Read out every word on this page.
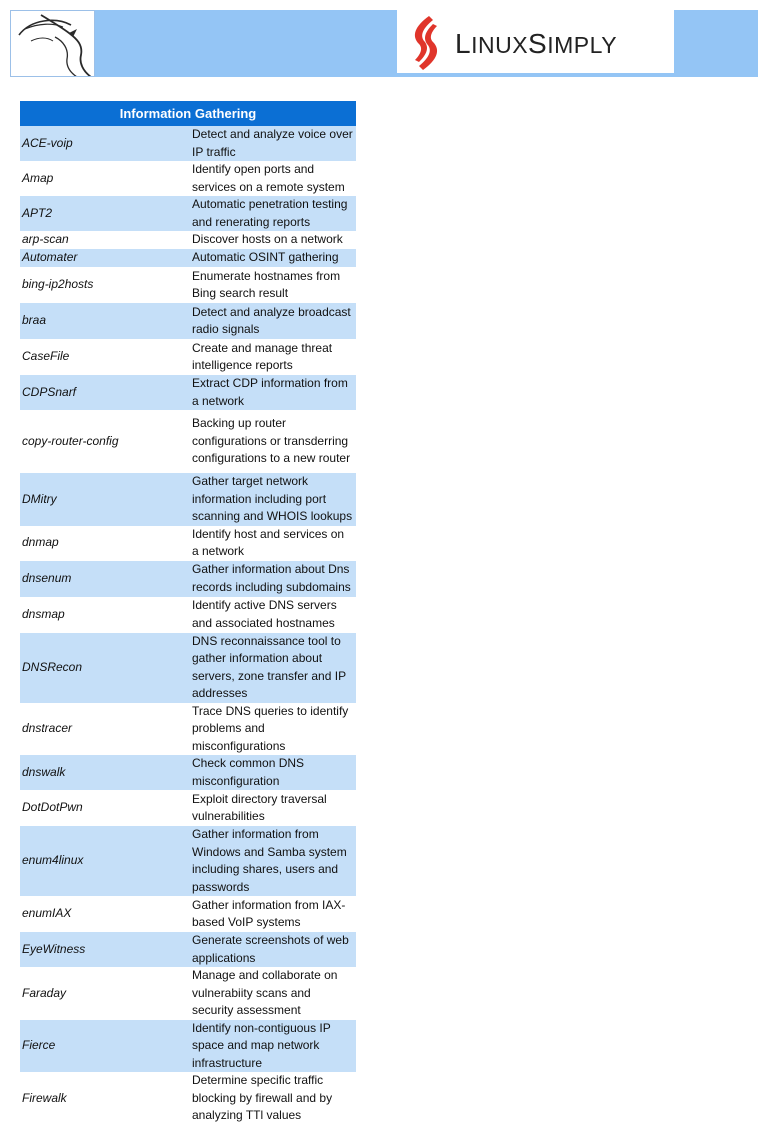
LINUXSIMPLY
Information Gathering	

ACE-voip	Detect and analyze voice over IP traffic
Amap	Identify open ports and services on a remote system
APT2	Automatic penetration testing and renerating reports
arp-scan	Discover hosts on a network
Automater	Automatic OSINT gathering
bing-ip2hosts	Enumerate hostnames from Bing search result
braa	Detect and analyze broadcast radio signals
CaseFile	Create and manage threat intelligence reports
CDPSnarf	Extract CDP information from a network
copy-router-config	Backing up router configurations or transderring configurations to a new router
DMitry	Gather target network information including port scanning and WHOIS lookups
dnmap	Identify host and services on a network
dnsenum	Gather information about Dns records including subdomains
dnsmap	Identify active DNS servers and associated hostnames
DNSRecon	DNS reconnaissance tool to gather information about servers, zone transfer and IP addresses
dnstracer	Trace DNS queries to identify problems and misconfigurations
dnswalk	Check common DNS misconfiguration
DotDotPwn	Exploit directory traversal vulnerabilities
enum4linux	Gather information from Windows and Samba system including shares, users and passwords
enumIAX	Gather information from IAX-based VoIP systems
EyeWitness	Generate screenshots of web applications
Faraday	Manage and collaborate on vulnerabiity scans and security assessment
Fierce	Identify non-contiguous IP space and map network infrastructure
Firewalk	Determine specific traffic blocking by firewall and by analyzing TTl values
